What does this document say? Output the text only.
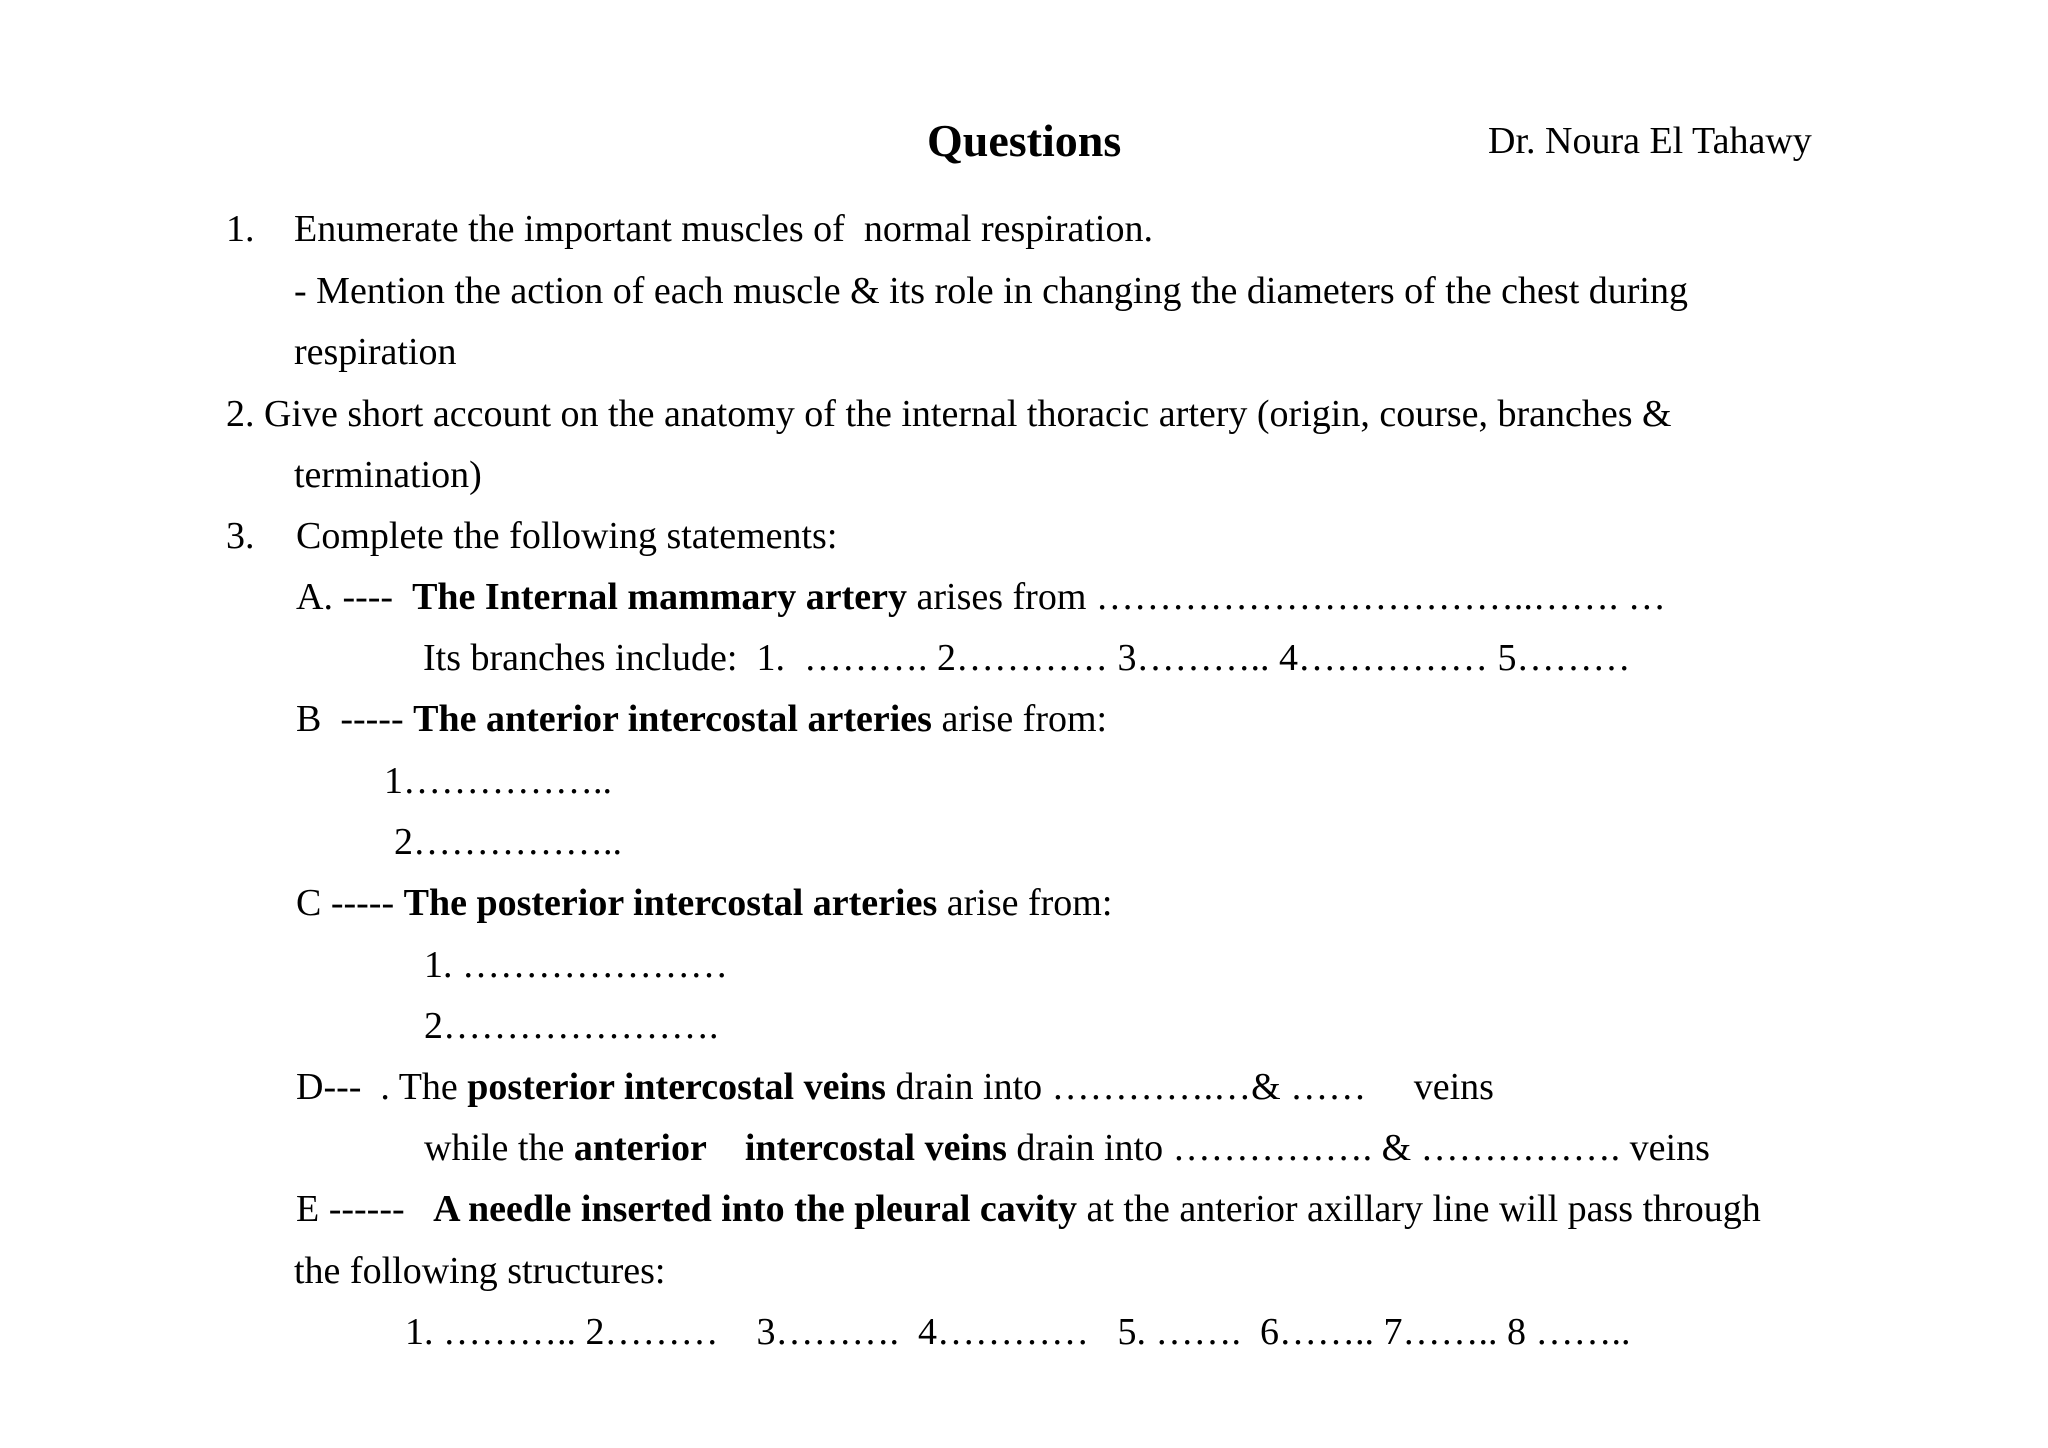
Questions	Dr. Noura El Tahawy
1. Enumerate the important muscles of  normal respiration.
- Mention the action of each muscle & its role in changing the diameters of the chest during
respiration
2. Give short account on the anatomy of the internal thoracic artery (origin, course, branches &
termination)
3. Complete the following statements:
A. ----  The Internal mammary artery arises from ……………………………..……. …
Its branches include:  1.  ………. 2………… 3……….. 4…………… 5………
B  ----- The anterior intercostal arteries arise from:
1……………..
2……………..
C ----- The posterior intercostal arteries arise from:
1. …………………
2………………….
D---  . The posterior intercostal veins drain into ………….…& ……     veins
while the anterior intercostal veins drain into ……………. & ……………. veins
E ------   A needle inserted into the pleural cavity at the anterior axillary line will pass through
the following structures:
1. ……….. 2………    3……….  4…………   5. …….  6…….. 7…….. 8 ……..
